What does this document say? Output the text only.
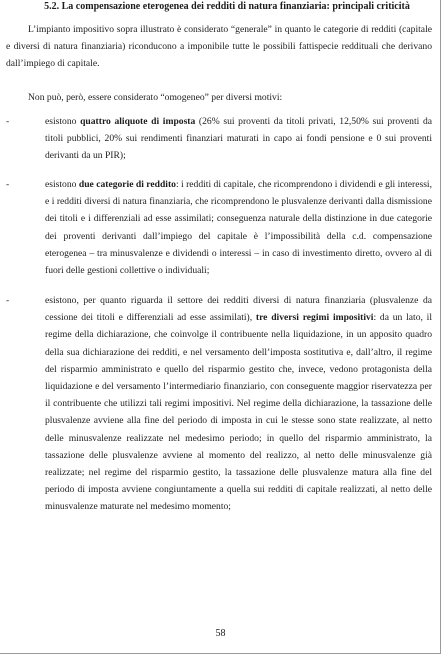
5.2. La compensazione eterogenea dei redditi di natura finanziaria: principali criticità

L’impianto impositivo sopra illustrato è considerato “generale” in quanto le categorie di redditi (capitale e diversi di natura finanziaria) riconducono a imponibile tutte le possibili fattispecie reddituali che derivano dall’impiego di capitale.

Non può, però, essere considerato “omogeneo” per diversi motivi:

-	esistono quattro aliquote di imposta (26% sui proventi da titoli privati, 12,50% sui proventi da titoli pubblici, 20% sui rendimenti finanziari maturati in capo ai fondi pensione e 0 sui proventi derivanti da un PIR);

-	esistono due categorie di reddito: i redditi di capitale, che ricomprendono i dividendi e gli interessi, e i redditi diversi di natura finanziaria, che ricomprendono le plusvalenze derivanti dalla dismissione dei titoli e i differenziali ad esse assimilati; conseguenza naturale della distinzione in due categorie dei proventi derivanti dall’impiego del capitale è l’impossibilità della c.d. compensazione eterogenea – tra minusvalenze e dividendi o interessi – in caso di investimento diretto, ovvero al di fuori delle gestioni collettive o individuali;

-	esistono, per quanto riguarda il settore dei redditi diversi di natura finanziaria (plusvalenze da cessione dei titoli e differenziali ad esse assimilati), tre diversi regimi impositivi: da un lato, il regime della dichiarazione, che coinvolge il contribuente nella liquidazione, in un apposito quadro della sua dichiarazione dei redditi, e nel versamento dell’imposta sostitutiva e, dall’altro, il regime del risparmio amministrato e quello del risparmio gestito che, invece, vedono protagonista della liquidazione e del versamento l’intermediario finanziario, con conseguente maggior riservatezza per il contribuente che utilizzi tali regimi impositivi. Nel regime della dichiarazione, la tassazione delle plusvalenze avviene alla fine del periodo di imposta in cui le stesse sono state realizzate, al netto delle minusvalenze realizzate nel medesimo periodo; in quello del risparmio amministrato, la tassazione delle plusvalenze avviene al momento del realizzo, al netto delle minusvalenze già realizzate; nel regime del risparmio gestito, la tassazione delle plusvalenze matura alla fine del periodo di imposta avviene congiuntamente a quella sui redditi di capitale realizzati, al netto delle minusvalenze maturate nel medesimo momento;

58
